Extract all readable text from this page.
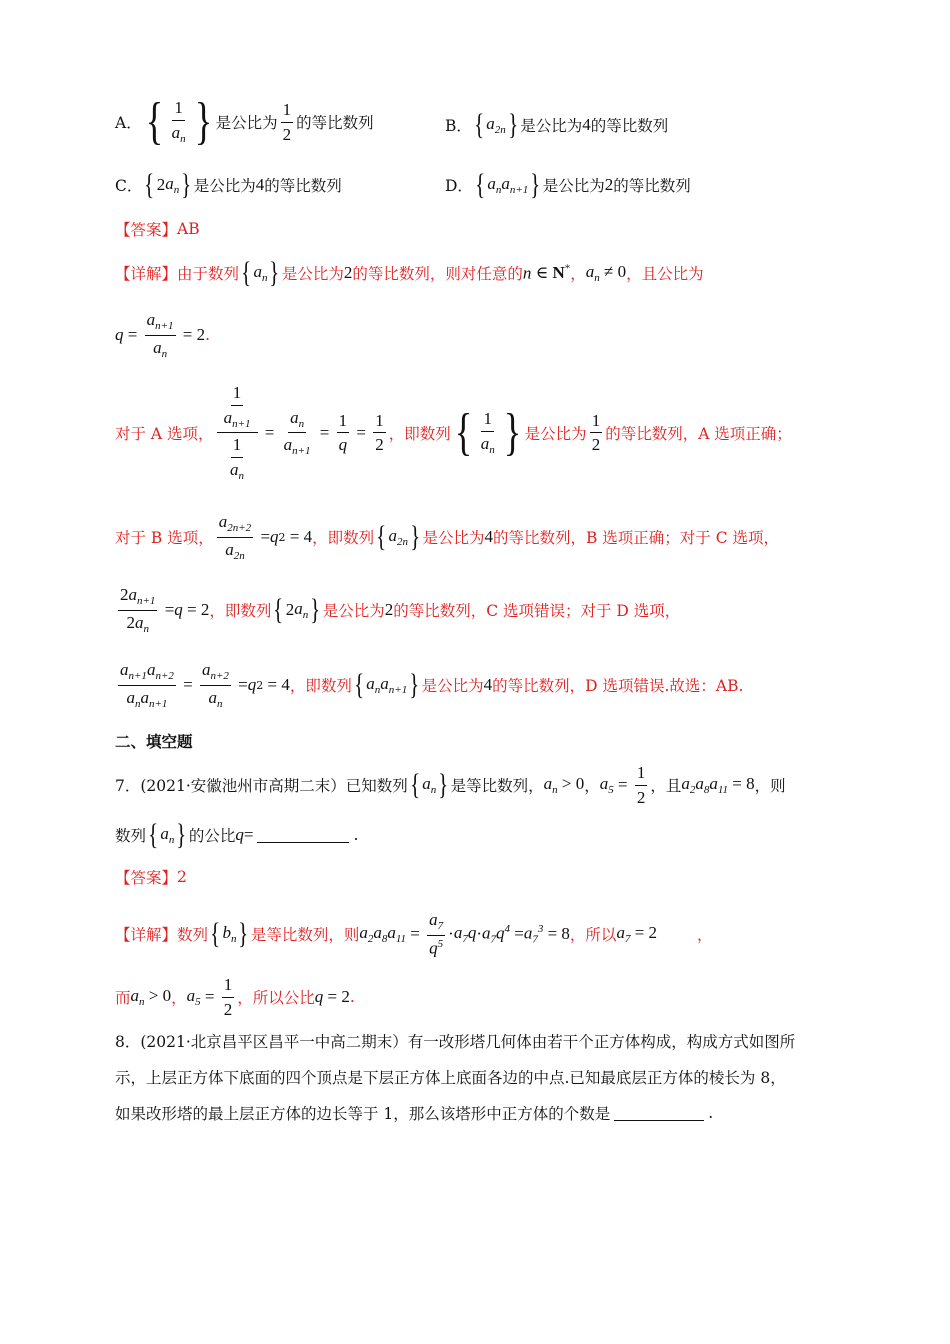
A． { $\frac{1}{a_n}$ } 是公比为 $\frac{1}{2}$ 的等比数列	B． { $a_{2n}$ } 是公比为 4 的等比数列
C． { 2 $a_n$ } 是公比为 4 的等比数列	D． { $a_na_{n+1}$ } 是公比为 2 的等比数列
【答案】 AB
【详解】 由于数列 { $a_n$ } 是公比为 2 的等比数列，则对任意的 n ∈ N* ， $a_n \ne 0$ ，且公比为
$q = \frac{a_{n+1}}{a_n} = 2$ .
对于 A 选项， $\frac{\frac{1}{a_{n+1}}}{\frac{1}{a_n}} = \frac{a_n}{a_{n+1}} = \frac{1}{q} = \frac{1}{2}$ ，即数列 { $\frac{1}{a_n}$ } 是公比为 $\frac{1}{2}$ 的等比数列，A 选项正确；
对于 B 选项， $\frac{a_{2n+2}}{a_{2n}} = q$ 2 = 4 ，即数列 { $a_{2n}$ } 是公比为 4 的等比数列，B 选项正确；对于 C 选项，
$\frac{2a_{n+1}}{2a_n} = q = 2$ ，即数列 { 2 $a_n$ } 是公比为 2 的等比数列，C 选项错误；对于 D 选项，
$\frac{a_{n+1}a_{n+2}}{a_na_{n+1}} = \frac{a_{n+2}}{a_n} = q$ 2 = 4 ，即数列 { $a_na_{n+1}$ } 是公比为 4 的等比数列，D 选项错误.故选：AB.
二、填空题
7．(2021·安徽池州市高期二末）已知数列 { $a_n$ } 是等比数列， $a_n > 0$ ， $a_5 = \frac{1}{2}$ ，且 $a_2a_8a_{11} = 8$ ，则
数列 { $a_n$ } 的公比 q =	.
【答案】 2
【详解】 数列 { $b_n$ } 是等比数列，则 $a_2a_8a_{11} = \frac{a_7}{q^5} \cdot a_7q \cdot a_7q^4 = a_7^3 = 8$ ，所以 $a_7 = 2$	，
而 $a_n > 0$ ， $a_5 = \frac{1}{2}$ ，所以公比 q = 2 .
8．(2021·北京昌平区昌平一中高二期末）有一改形塔几何体由若干个正方体构成，构成方式如图所
示，上层正方体下底面的四个顶点是下层正方体上底面各边的中点.已知最底层正方体的棱长为 8，
如果改形塔的最上层正方体的边长等于 1，那么该塔形中正方体的个数是	.
